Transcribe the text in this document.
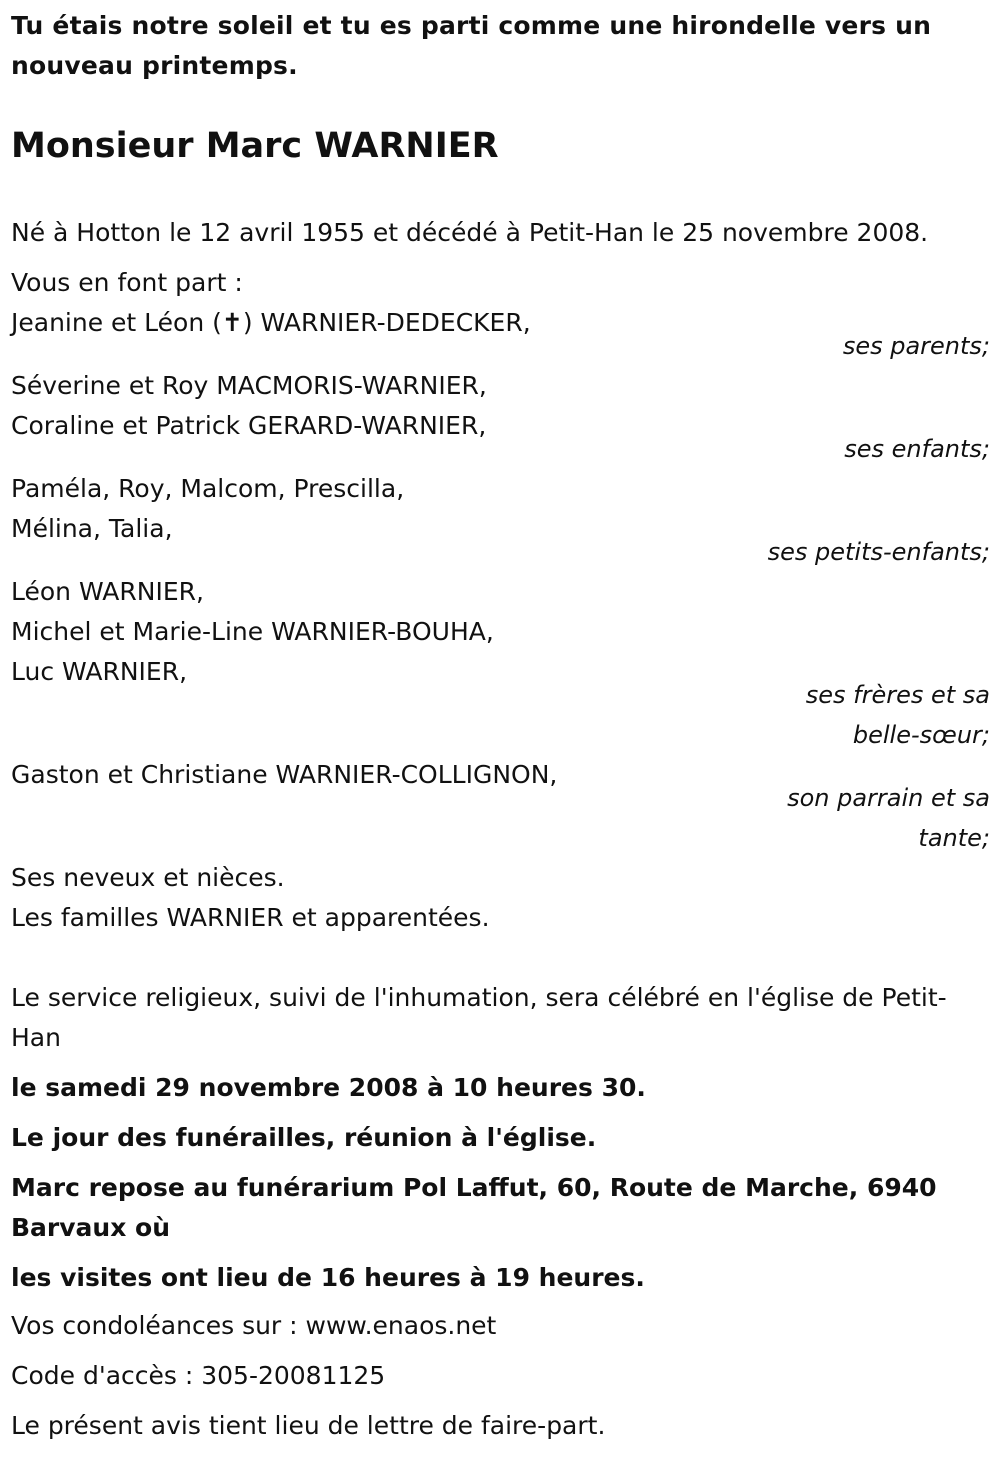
Tu étais notre soleil et tu es parti comme une hirondelle vers un nouveau printemps.
Monsieur Marc WARNIER
Né à Hotton le 12 avril 1955 et décédé à Petit-Han le 25 novembre 2008.
Vous en font part :
Jeanine et Léon (✝) WARNIER-DEDECKER,
ses parents;
Séverine et Roy MACMORIS-WARNIER,
Coraline et Patrick GERARD-WARNIER,
ses enfants;
Paméla, Roy, Malcom, Prescilla,
Mélina, Talia,
ses petits-enfants;
Léon WARNIER,
Michel et Marie-Line WARNIER-BOUHA,
Luc WARNIER,
ses frères et sa
belle-sœur;
Gaston et Christiane WARNIER-COLLIGNON,
son parrain et sa
tante;
Ses neveux et nièces.
Les familles WARNIER et apparentées.
Le service religieux, suivi de l'inhumation, sera célébré en l'église de Petit-Han
le samedi 29 novembre 2008 à 10 heures 30.
Le jour des funérailles, réunion à l'église.
Marc repose au funérarium Pol Laffut, 60, Route de Marche, 6940 Barvaux où
les visites ont lieu de 16 heures à 19 heures.
Vos condoléances sur : www.enaos.net
Code d'accès : 305-20081125
Le présent avis tient lieu de lettre de faire-part.
